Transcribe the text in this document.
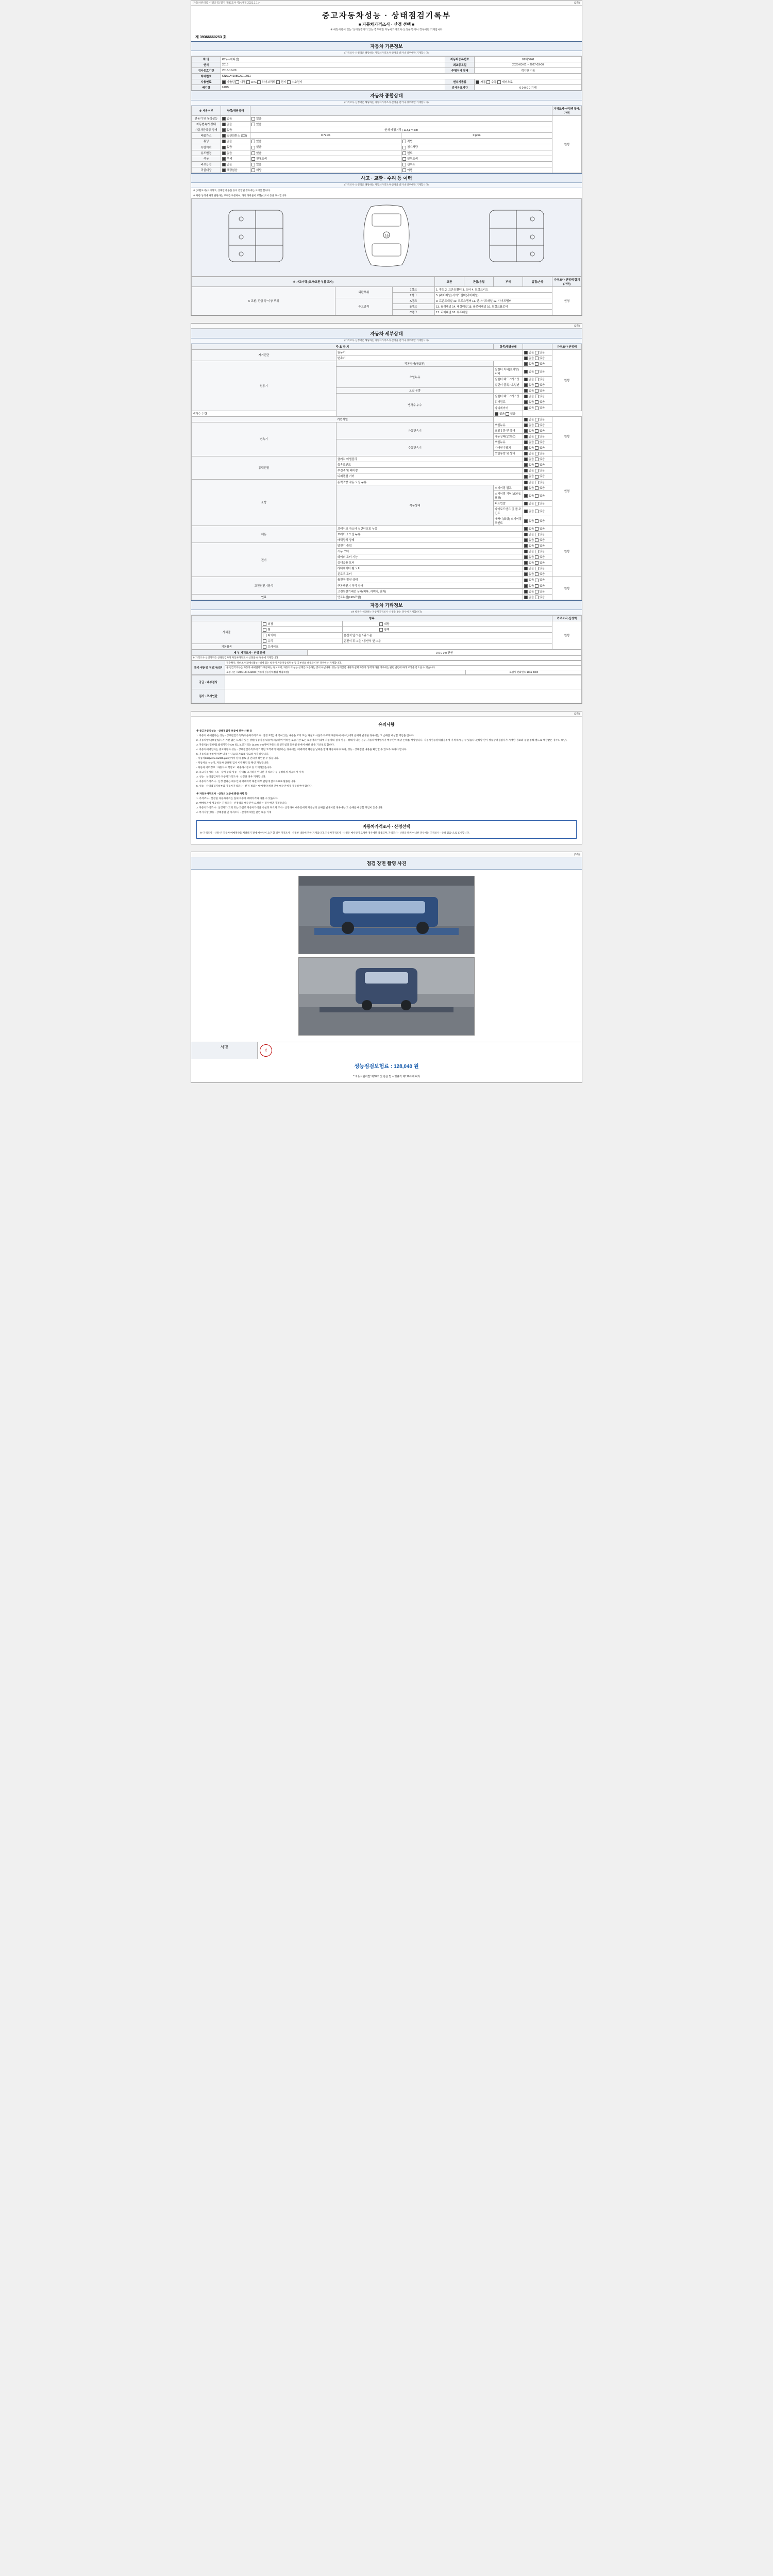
자동차관리법 시행규칙 [별지 제82호서식] <개정 2021.1.1.>	(3쪽)
중고자동차성능 · 상태점검기록부
■ 자동차가격조사 · 산정 선택 ■
※ 해당사항이 있는 ‘상태점검자가 있는 경우에만 자동차가격조사·산정을 받거나 경우에만 기재합니다
제 39366660253 호
자동차 기본정보
(가격조사·산정액은 해당하는 자동차가격조사·산정을 받거나 경우에만 기재합니다)
차 명	K7 (뉴에디션)	자동차등록번호	01허0048
연식	2016	최초등록일	2025-03-01 ~ 2027-03-00
검사유효기간	2016-10-20	주행거리 상태	계기판 기록
차대번호	KNALA419BGA010911		
사용연료	가솔린 디젤 LPG 하이브리드 전기 수소전기	변속기종류	자동 수동 세미오토
배기량	UIDB	검사유효기간	0 0 0 0 0 기재
자동차 종합상태
(가격조사·산정액은 해당하는 자동차가격조사·산정을 받거나 경우에만 기재합니다)
※ 사용여부	항목/해당상태			가격조사·산정액 합계/가격
전동기 및 동력성능	없음	있음		원형
자동변속기 상태	없음	있음		
자동차등록증 상태	없음	현재 테핑거리 | 113,174 km		
배출가스	일산화탄소 (CO)	0.721%	0 ppm	
튜닝	없음	있음	적법	
특별이력	없음	있음	침수차량	
용도변경	없음	있음	렌트	
색상	무색	전체도색	일부도색	
주요옵션	없음	있음	선루프	
리콜대상	해당없음	해당	이행	
사고 · 교환 · 수리 등 이력
(가격조사·산정액은 해당하는 자동차가격조사·산정을 받거나 경우에만 기재합니다)
※ (교환표시) 표시하고, 상태란에 용품 등이 결합된 경우에는 표시를 합니다.
※ 차량 상태에 따라 판단하는 부위를 구분하여, 가격 하락률이 교환(X)표시 등을 표시합니다.
16
※ 사고이력 (교차/교환 부품 표시)			교환	판금/용접	부식	흠집/손상	가격조사·산정액 합계(가격)
※ 교환, 판금 등 이상 부위	외판부위	1랭크	1. 후드 2. 프론트휀더 3. 도어 4. 트렁크리드				원형
		2랭크	5. (쿼터패널) 사이드멤버(리어패널)				
	주요골격	A랭크	9. 프론트패널 10. 크로스멤버 11. 인사이드패널 12. 사이드멤버				
		B랭크	13. 필러패널 14. 대쉬패널 15. 플로어패널 16. 트렁크플로어				
		C랭크	17. 리어패널 18. 루프패널				
(3쪽)
자동차 세부상태
(가격조사·산정액은 해당하는 자동차가격조사·산정을 받거나 경우에만 기재합니다)
주 요 장 치		항목/해당상태		가격조사·산정액
자기진단	원동기		없음 있음	원형
	변속기		없음 있음	
원동기	작동상태(공회전)		없음 있음	
	오일누유	실린더 커버(로커암) 커버	없음 있음	
		실린더 헤드 / 개스킷	없음 있음	
		실린더 블록 / 오일팬	없음 있음	
	오일 유량		없음 있음	
	냉각수 누수	실린더 헤드 / 개스킷	없음 있음	
		워터펌프	없음 있음	
		라디에이터	없음 있음	
냉각수 수량		없음 있음		
커먼레일			없음 있음	원형
변속기	자동변속기	오일누유	없음 있음	
		오일유량 및 상태	없음 있음	
		작동상태(공회전)	없음 있음	
	수동변속기	오일누유	없음 있음	
		기어변속장치	없음 있음	
		오일유량 및 상태	없음 있음	
동력전달	클러치 어셈블리		없음 있음	원형
	등속조인트		없음 있음	
	추진축 및 베어링		없음 있음	
	디퍼렌셜 기어		없음 있음	
조향	동력조향 작동 오일 누유		없음 있음	
	작동상태	스티어링 펌프	없음 있음	
		스티어링 기어(MDPS포함)	없음 있음	
		피트먼암	없음 있음	
		타이로드엔드 및 볼 조인트	없음 있음	
		배바디(조향) 스티어링 조인트	없음 있음	
제동	브레이크 마스터 실린더오일 누유		없음 있음	원형
	브레이크 오일 누유		없음 있음	
	배력장치 상태		없음 있음	
전기	발전기 출력		없음 있음	
	시동 모터		없음 있음	
	와이퍼 모터 기능		없음 있음	
	실내송풍 모터		없음 있음	
	라디에이터 팬 모터		없음 있음	
	윈도우 모터		없음 있음	
고전원전기장치	충전구 절연 상태		없음 있음	원형
	구동축전지 격리 상태		없음 있음	
	고전원전기배선 상태(피복, 커넥터, 단자)		없음 있음	
연료	연료누설(LPG포함)		없음 있음	
자동차 기타정보
(※ 항목은 해당하는 자동차가격조사·산정을 받는 경우에 기재합니다)
항목				가격조사·산정액
사외품	외장		내장	원형
	휠		광택	
	타이어	운전석 앞 □ 운 / 뒤 □ 운		
	유리	운전석 뒤 □ 운 / 동반석 앞 □ 운		
기본품목	브레이크			
세 부 가격조사 · 산정 금액	0 0 0 0 0 만원
※ 가격조사·산정가격은 상태점검자가 자동차가격조사·산정을 한 경우에 기재합니다
특기사항 및 점검자의견	점수확인, 정비조사(상세내용) 사례에 있는 항목이 자동차등록원부 등 공부상의 내용과 다른 경우에는 기재합니다.	
	본 점검기록부는 자동차 매매업자가 제공하는 정보로서, 자동차의 성능·상태를 보증하는 것이 아닙니다. 성능·상태점검 내용과 실제 자동차 상태가 다른 경우에는 관련 법령에 따라 보상을 받으실 수 있습니다.	
	보증구분 : 1005-104-641006 (자동차성능상태점검 책임보험)	보험사 전화번호 1661-0300
공급 · 내부검사	
검사 · 조사인란	
(3쪽)
유의사항

※ 중고자동차성능 · 상태점검자 보증에 관한 사항 등

1. 자동차 매매업자는 성능 · 상태점검기록부(자동차가격조사 · 산정 포함) 에 적혀 있는 내용을 고의 또는 과실로 사실과 다르게 제공하여 매수인에게 손해가 발생한 경우에는 그 손해를 배상할 책임을 집니다.

2. 자동차양도(보증)임시가 기간 없는 오래가 있는 상황(성능점검 내용에 제공하여 어떠한 보증기간 또는 보증거리 이내에 자동차의 실제 성능 · 상태가 다른 경우, 자동차매매업자가 매수인이 해당 손해를 배상합니다. 자동차성능상태점검부에 기재 하시길 수 있습니다(해당 인이 성능상태점검자가 기재한 정보와 동일 통해 별도로 배상받는 경우도 해당).

3. 자동차[신길보행] 범위기간은 (30 일), 보증거리는 (2,000 km)이며 자동차의 인도일과 등록일 중에서 빠른 날을 기산일로 합니다.

4. 자동차매매업자는 중고자동차 성능 · 상태점검기록부에 기재된 고객에게 제공하는 경우에는 ‘매매계약 체결한 날짜를 함께 제공하여야 하며, 성능 · 상태점검 내용을 확인할 수 있도록 하여야 합니다.

5. 자동차의 종류별 세부 내용은 다음의 자료를 참고하시기 바랍니다.

- 자동차365(www.car365.go.kr)에서 상세 검토 및 인터넷 확인할 수 있습니다.

- 자동차의 성능기, 자동차 상태별 검사 이력확인 등 확인 가능합니다.

- 자동차 이력정보 : 자동차 이력정보 : 배출가스정보 등 기재하였습니다.

2. 중고자동차의 구조 · 장치 등의 성능 · 상태를 고지하지 아니한 가격조사 등 공정하게 제공하여 기재

3. 성능 · 상태점검자가 자동차가격조사 · 산정한 경우 기재합니다.

4. 자동차가격조사 · 산정 결과는 매수인의 매매계약 체결 여부 판단에 참고자료로 활용됩니다.

5. 성능 · 상태점검기록부와 자동차가격조사 · 산정 결과는 매매계약 체결 전에 매수인에게 제공하여야 합니다.

※ 자동차가격조사 · 산정의 보증에 관한 사항 등

1. 가격조사 · 산정한 자동차가격은 실제 자동차 매매가격과 다를 수 있습니다.

2. 매매업자에 제공하는 가격조사 · 산정액을 매수인이 요청하는 경우에만 기재합니다.

3. 자동차가격조사 · 산정자가 고의 또는 과실로 자동차가격을 사실과 다르게 조사 · 산정하여 매수인에게 재산상의 손해를 발생시킨 경우에는 그 손해를 배상할 책임이 있습니다.

4. 특기사항(성능 · 상태점검 및 가격조사 · 산정에 대한) 관련 내용 기재

자동차가격조사 · 산정선택
※ ‘가격조사 · 산정’ 은 자동차 매매계약을 체결하기 전에 매수인이 요구 할 경우 가격조사 · 산정한 내용에 관한 기재입니다. 자동차가격조사 · 산정은 매수인이 요청한 경우에만 적용되며, 가격조사 · 산정을 받지 아니한 경우에는 ‘가격조사 · 산정 없음’ 으로 표시합니다.
(3쪽)
점검 장면 촬영 사진
서명
인
성능점검보험료 : 128,040 원
* ‘자동차관리법’ 제58조 및 같은 법 시행규칙 제120조에 따라
